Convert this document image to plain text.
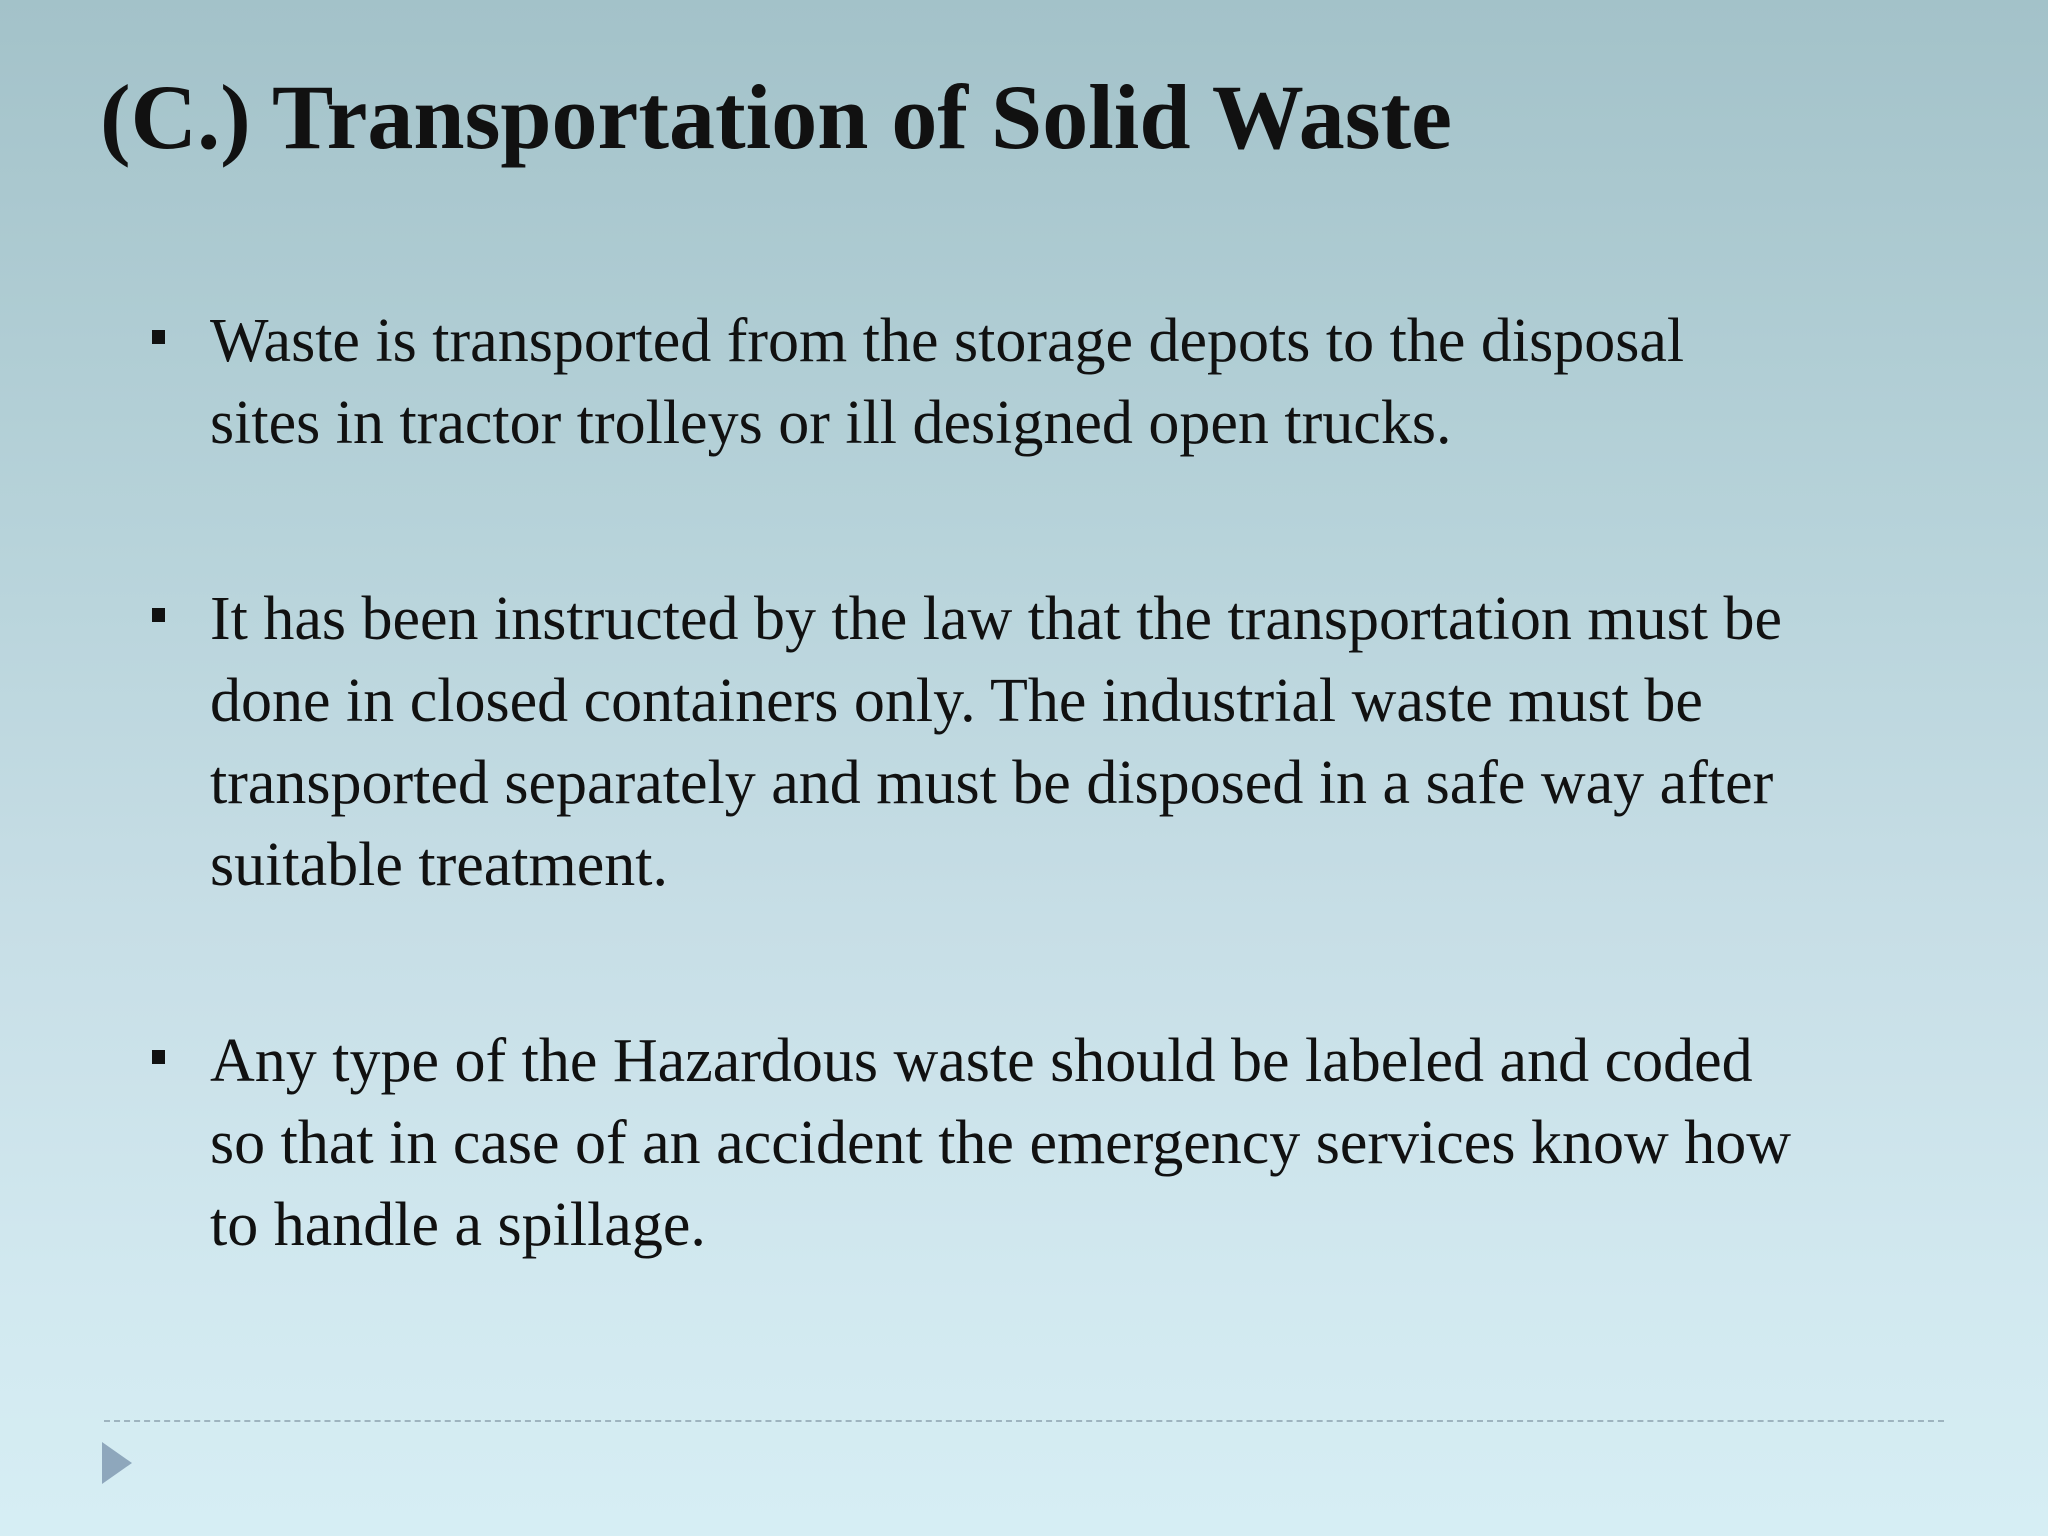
(C.) Transportation of Solid Waste
Waste is transported from the storage depots to the disposal
sites in tractor trolleys or ill designed open trucks.
It has been instructed by the law that the transportation must be
done in closed containers only. The industrial waste must be
transported separately and must be disposed in a safe way after
suitable treatment.
Any type of the Hazardous waste should be labeled and coded
so that in case of an accident the emergency services know how
to handle a spillage.
